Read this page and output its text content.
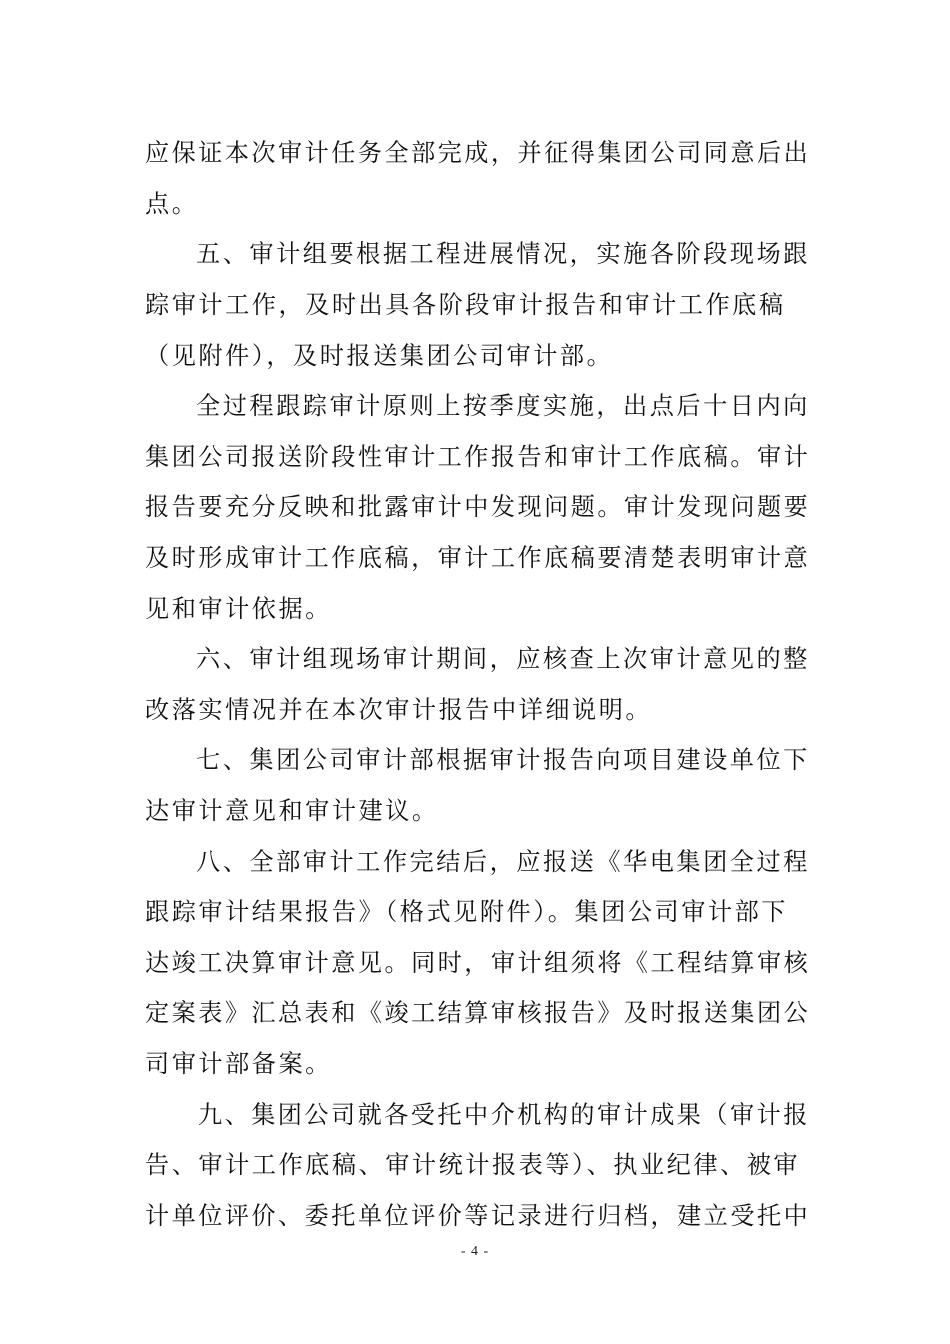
应保证本次审计任务全部完成，并征得集团公司同意后出
点。
五、审计组要根据工程进展情况，实施各阶段现场跟
踪审计工作，及时出具各阶段审计报告和审计工作底稿
（见附件），及时报送集团公司审计部。
全过程跟踪审计原则上按季度实施，出点后十日内向
集团公司报送阶段性审计工作报告和审计工作底稿。审计
报告要充分反映和批露审计中发现问题。审计发现问题要
及时形成审计工作底稿，审计工作底稿要清楚表明审计意
见和审计依据。
六、审计组现场审计期间，应核查上次审计意见的整
改落实情况并在本次审计报告中详细说明。
七、集团公司审计部根据审计报告向项目建设单位下
达审计意见和审计建议。
八、全部审计工作完结后，应报送《华电集团全过程
跟踪审计结果报告》（格式见附件）。集团公司审计部下
达竣工决算审计意见。同时，审计组须将《工程结算审核
定案表》汇总表和《竣工结算审核报告》及时报送集团公
司审计部备案。
九、集团公司就各受托中介机构的审计成果（审计报
告、审计工作底稿、审计统计报表等）、执业纪律、被审
计单位评价、委托单位评价等记录进行归档，建立受托中
- 4 -
